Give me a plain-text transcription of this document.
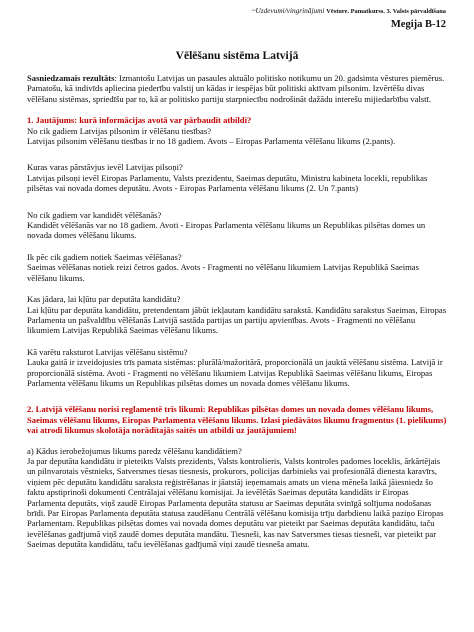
~Uzdevumi/vingrinājumi Vēsture. Pamatkurss. 3. Valsts pārvaldīšana
Megija B-12
Vēlēšanu sistēma Latvijā

Sasniedzamais rezultāts: Izmantošu Latvijas un pasaules aktuālo politisko notikumu un 20. gadsimta vēstures piemērus. Pamatošu, kā indivīds apliecina piederību valstij un kādas ir iespējas būt politiski aktīvam pilsonim. Izvērtēšu divas vēlēšanu sistēmas, spriedīšu par to, kā ar politisko partiju starpniecību nodrošināt dažādu interešu mijiedarbību valstī.

1. Jautājums: kurā informācijas avotā var pārbaudīt atbildi?

No cik gadiem Latvijas pilsonim ir vēlēšanu tiesības?
Latvijas pilsonim vēlēšanu tiesības ir no 18 gadiem. Avots – Eiropas Parlamenta vēlēšanu likums (2.pants).
Kuras varas pārstāvjus ievēl Latvijas pilsoņi?
Latvijas pilsoņi ievēl Eiropas Parlamentu, Valsts prezidentu, Saeimas deputātu, Ministru kabineta locekli, republikas pilsētas vai novada domes deputātu. Avots - Eiropas Parlamenta vēlēšanu likums (2. Un 7.pants)
No cik gadiem var kandidēt vēlēšanās?
Kandidēt vēlēšanās var no 18 gadiem. Avoti - Eiropas Parlamenta vēlēšanu likums un Republikas pilsētas domes un novada domes vēlēšanu likums.
Ik pēc cik gadiem notiek Saeimas vēlēšanas?
Saeimas vēlēšanas notiek reizi četros gados. Avots - Fragmenti no vēlēšanu likumiem Latvijas Republikā Saeimas vēlēšanu likums.
Kas jādara, lai kļūtu par deputāta kandidātu?
Lai kļūtu par deputāta kandidātu, pretendentam jābūt iekļautam kandidātu sarakstā. Kandidātu sarakstus Saeimas, Eiropas Parlamenta un pašvaldību vēlēšanās Latvijā sastāda partijas un partiju apvienības. Avots - Fragmenti no vēlēšanu likumiem Latvijas Republikā Saeimas vēlēšanu likums.
Kā varētu raksturot Latvijas vēlēšanu sistēmu?
Lauka gaitā ir izveidojusies trīs pamata sistēmas: plurālā/mažoritārā, proporcionālā un jauktā vēlēšanu sistēma. Latvijā ir proporcionālā sistēma. Avoti - Fragmenti no vēlēšanu likumiem Latvijas Republikā Saeimas vēlēšanu likums, Eiropas Parlamenta vēlēšanu likums un Republikas pilsētas domes un novada domes vēlēšanu likums.

2. Latvijā vēlēšanu norisi reglamentē trīs likumi: Republikas pilsētas domes un novada domes vēlēšanu likums, Saeimas vēlēšanu likums, Eiropas Parlamenta vēlēšanu likums. Izlasi piedāvātos likumu fragmentus (1. pielikums) vai atrodi likumus skolotāja norādītajās saitēs un atbildi uz jautājumiem!

a) Kādus ierobežojumus likums paredz vēlēšanu kandidātiem?
Ja par deputāta kandidātu ir pieteikts Valsts prezidents, Valsts kontrolieris, Valsts kontroles padomes loceklis, ārkārtējais un pilnvarotais vēstnieks, Satversmes tiesas tiesnesis, prokurors, policijas darbinieks vai profesionālā dienesta karavīrs, viņiem pēc deputātu kandidātu saraksta reģistrēšanas ir jāatstāj ieņemamais amats un viena mēneša laikā jāiesniedz šo faktu apstiprinoši dokumenti Centrālajai vēlēšanu komisijai. Ja ievēlētās Saeimas deputāta kandidāts ir Eiropas Parlamenta deputāts, viņš zaudē Eiropas Parlamenta deputāta statusu ar Saeimas deputāta svinīgā solījuma nodošanas brīdi. Par Eiropas Parlamenta deputāta statusa zaudēšanu Centrālā vēlēšanu komisija trīju darbdienu laikā paziņo Eiropas Parlamentam. Republikas pilsētas domes vai novada domes deputātu var pieteikt par Saeimas deputāta kandidātu, taču ievēlēšanas gadījumā viņš zaudē domes deputāta mandātu. Tiesneši, kas nav Satversmes tiesas tiesneši, var pieteikt par Saeimas deputāta kandidātu, taču ievēlēšanas gadījumā viņi zaudē tiesneša amatu.
